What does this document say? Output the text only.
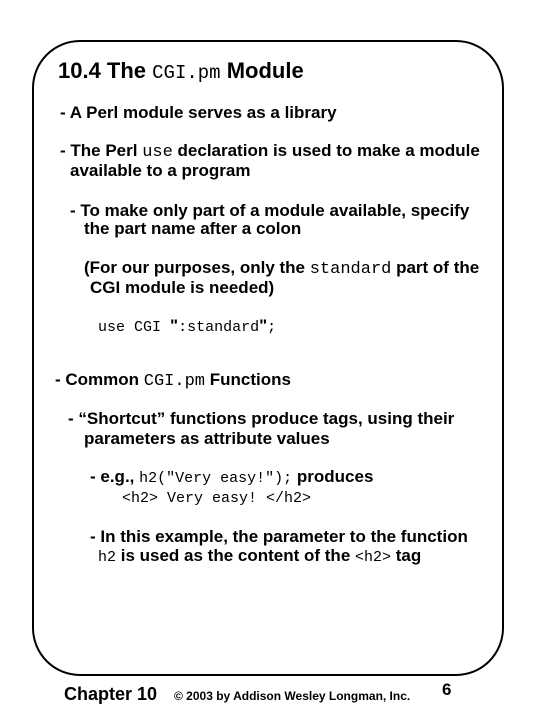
10.4 The CGI.pm Module
- A Perl module serves as a library
- The Perl use declaration is used to make a module
available to a program
- To make only part of a module available, specify
the part name after a colon
(For our purposes, only the standard part of the
CGI module is needed)
use CGI ":standard";
- Common CGI.pm Functions
- “Shortcut” functions produce tags, using their
parameters as attribute values
- e.g., h2("Very easy!"); produces
<h2> Very easy! </h2>
- In this example, the parameter to the function
h2 is used as the content of the <h2> tag
Chapter 10 © 2003 by Addison Wesley Longman, Inc. 6
